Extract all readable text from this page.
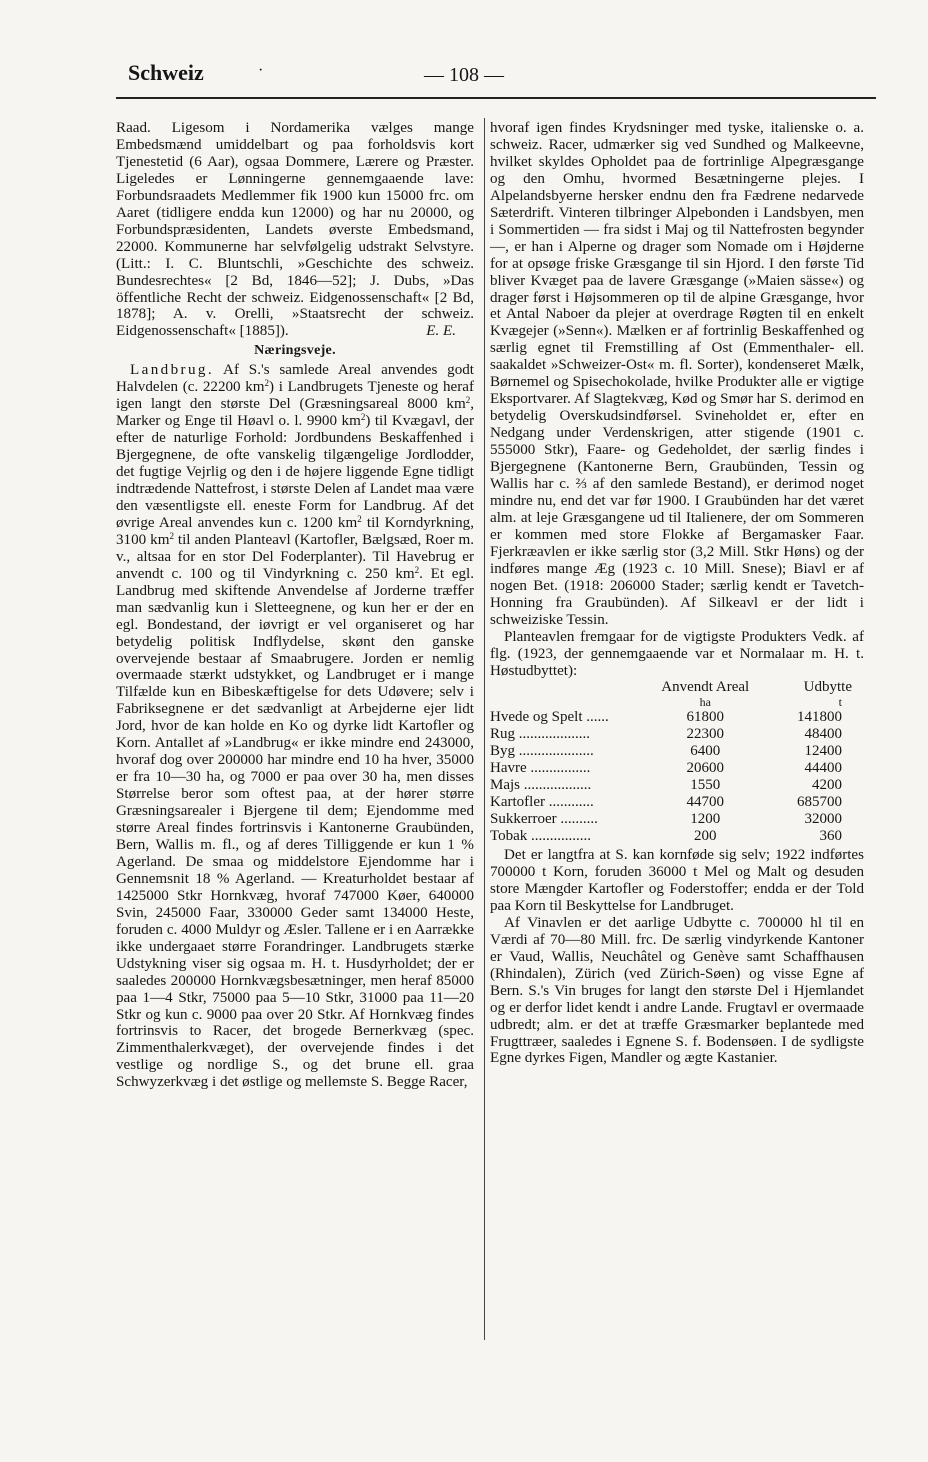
Schweiz	·	— 108 —

Raad. Ligesom i Nordamerika vælges mange Embedsmænd umiddelbart og paa forholdsvis kort Tjenestetid (6 Aar), ogsaa Dommere, Lærere og Præster. Ligeledes er Lønningerne gennemgaaende lave: Forbundsraadets Medlemmer fik 1900 kun 15000 frc. om Aaret (tidligere endda kun 12000) og har nu 20000, og Forbundspræsidenten, Landets øverste Embedsmand, 22000. Kommunerne har selvfølgelig udstrakt Selvstyre. (Litt.: I. C. Bluntschli, »Geschichte des schweiz. Bundesrechtes« [2 Bd, 1846—52]; J. Dubs, »Das öffentliche Recht der schweiz. Eidgenossenschaft« [2 Bd, 1878]; A. v. Orelli, »Staatsrecht der schweiz. Eidgenossenschaft« [1885]).	E. E.
Næringsveje.

Landbrug. Af S.'s samlede Areal anvendes godt Halvdelen (c. 22200 $km^2$) i Landbrugets Tjeneste og heraf igen langt den største Del (Græsningsareal 8000 $km^2$, Marker og Enge til Høavl o. l. 9900 $km^2$) til Kvægavl, der efter de naturlige Forhold: Jordbundens Beskaffenhed i Bjergegnene, de ofte vanskelig tilgængelige Jordlodder, det fugtige Vejrlig og den i de højere liggende Egne tidligt indtrædende Nattefrost, i største Delen af Landet maa være den væsentligste ell. eneste Form for Landbrug. Af det øvrige Areal anvendes kun c. 1200 $km^2$ til Korndyrkning, 3100 $km^2$ til anden Planteavl (Kartofler, Bælgsæd, Roer m. v., altsaa for en stor Del Foderplanter). Til Havebrug er anvendt c. 100 og til Vindyrkning c. 250 $km^2$. Et egl. Landbrug med skiftende Anvendelse af Jorderne træffer man sædvanlig kun i Sletteegnene, og kun her er der en egl. Bondestand, der iøvrigt er vel organiseret og har betydelig politisk Indflydelse, skønt den ganske overvejende bestaar af Smaabrugere. Jorden er nemlig overmaade stærkt udstykket, og Landbruget er i mange Tilfælde kun en Bibeskæftigelse for dets Udøvere; selv i Fabriksegnene er det sædvanligt at Arbejderne ejer lidt Jord, hvor de kan holde en Ko og dyrke lidt Kartofler og Korn. Antallet af »Landbrug« er ikke mindre end 243000, hvoraf dog over 200000 har mindre end 10 ha hver, 35000 er fra 10—30 ha, og 7000 er paa over 30 ha, men disses Størrelse beror som oftest paa, at der hører større Græsningsarealer i Bjergene til dem; Ejendomme med større Areal findes fortrinsvis i Kantonerne Graubünden, Bern, Wallis m. fl., og af deres Tilliggende er kun 1 % Agerland. De smaa og middelstore Ejendomme har i Gennemsnit 18 % Agerland. — Kreaturholdet bestaar af 1425000 Stkr Hornkvæg, hvoraf 747000 Køer, 640000 Svin, 245000 Faar, 330000 Geder samt 134000 Heste, foruden c. 4000 Muldyr og Æsler. Tallene er i en Aarrække ikke undergaaet større Forandringer. Landbrugets stærke Udstykning viser sig ogsaa m. H. t. Husdyrholdet; der er saaledes 200000 Hornkvægsbesætninger, men heraf 85000 paa 1—4 Stkr, 75000 paa 5—10 Stkr, 31000 paa 11—20 Stkr og kun c. 9000 paa over 20 Stkr. Af Hornkvæg findes fortrinsvis to Racer, det brogede Bernerkvæg (spec. Zimmenthalerkvæget), der overvejende findes i det vestlige og nordlige S., og det brune ell. graa Schwyzerkvæg i det østlige og mellemste S. Begge Racer,

hvoraf igen findes Krydsninger med tyske, italienske o. a. schweiz. Racer, udmærker sig ved Sundhed og Malkeevne, hvilket skyldes Opholdet paa de fortrinlige Alpegræsgange og den Omhu, hvormed Besætningerne plejes. I Alpelandsbyerne hersker endnu den fra Fædrene nedarvede Sæterdrift. Vinteren tilbringer Alpebonden i Landsbyen, men i Sommertiden — fra sidst i Maj og til Nattefrosten begynder —, er han i Alperne og drager som Nomade om i Højderne for at opsøge friske Græsgange til sin Hjord. I den første Tid bliver Kvæget paa de lavere Græsgange (»Maien sässe«) og drager først i Højsommeren op til de alpine Græsgange, hvor et Antal Naboer da plejer at overdrage Røgten til en enkelt Kvægejer (»Senn«). Mælken er af fortrinlig Beskaffenhed og særlig egnet til Fremstilling af Ost (Emmenthaler- ell. saakaldet »Schweizer-Ost« m. fl. Sorter), kondenseret Mælk, Børnemel og Spisechokolade, hvilke Produkter alle er vigtige Eksportvarer. Af Slagtekvæg, Kød og Smør har S. derimod en betydelig Overskudsindførsel. Svineholdet er, efter en Nedgang under Verdenskrigen, atter stigende (1901 c. 555000 Stkr), Faare- og Gedeholdet, der særlig findes i Bjergegnene (Kantonerne Bern, Graubünden, Tessin og Wallis har c. ⅔ af den samlede Bestand), er derimod noget mindre nu, end det var før 1900. I Graubünden har det været alm. at leje Græsgangene ud til Italienere, der om Sommeren er kommen med store Flokke af Bergamasker Faar. Fjerkræavlen er ikke særlig stor (3,2 Mill. Stkr Høns) og der indføres mange Æg (1923 c. 10 Mill. Snese); Biavl er af nogen Bet. (1918: 206000 Stader; særlig kendt er Tavetch-Honning fra Graubünden). Af Silkeavl er der lidt i schweiziske Tessin.

Planteavlen fremgaar for de vigtigste Produkters Vedk. af flg. (1923, der gennemgaaende var et Normalaar m. H. t. Høstudbyttet):

	Anvendt Areal	Udbytte
	ha	t
Hvede og Spelt ......	61800	141800
Rug ...................	22300	48400
Byg ....................	6400	12400
Havre ................	20600	44400
Majs ..................	1550	4200
Kartofler ............	44700	685700
Sukkerroer ..........	1200	32000
Tobak ................	200	360

Det er langtfra at S. kan kornføde sig selv; 1922 indførtes 700000 t Korn, foruden 36000 t Mel og Malt og desuden store Mængder Kartofler og Foderstoffer; endda er der Told paa Korn til Beskyttelse for Landbruget.

Af Vinavlen er det aarlige Udbytte c. 700000 hl til en Værdi af 70—80 Mill. frc. De særlig vindyrkende Kantoner er Vaud, Wallis, Neuchâtel og Genève samt Schaffhausen (Rhindalen), Zürich (ved Zürich-Søen) og visse Egne af Bern. S.'s Vin bruges for langt den største Del i Hjemlandet og er derfor lidet kendt i andre Lande. Frugtavl er overmaade udbredt; alm. er det at træffe Græsmarker beplantede med Frugttræer, saaledes i Egnene S. f. Bodensøen. I de sydligste Egne dyrkes Figen, Mandler og ægte Kastanier.
